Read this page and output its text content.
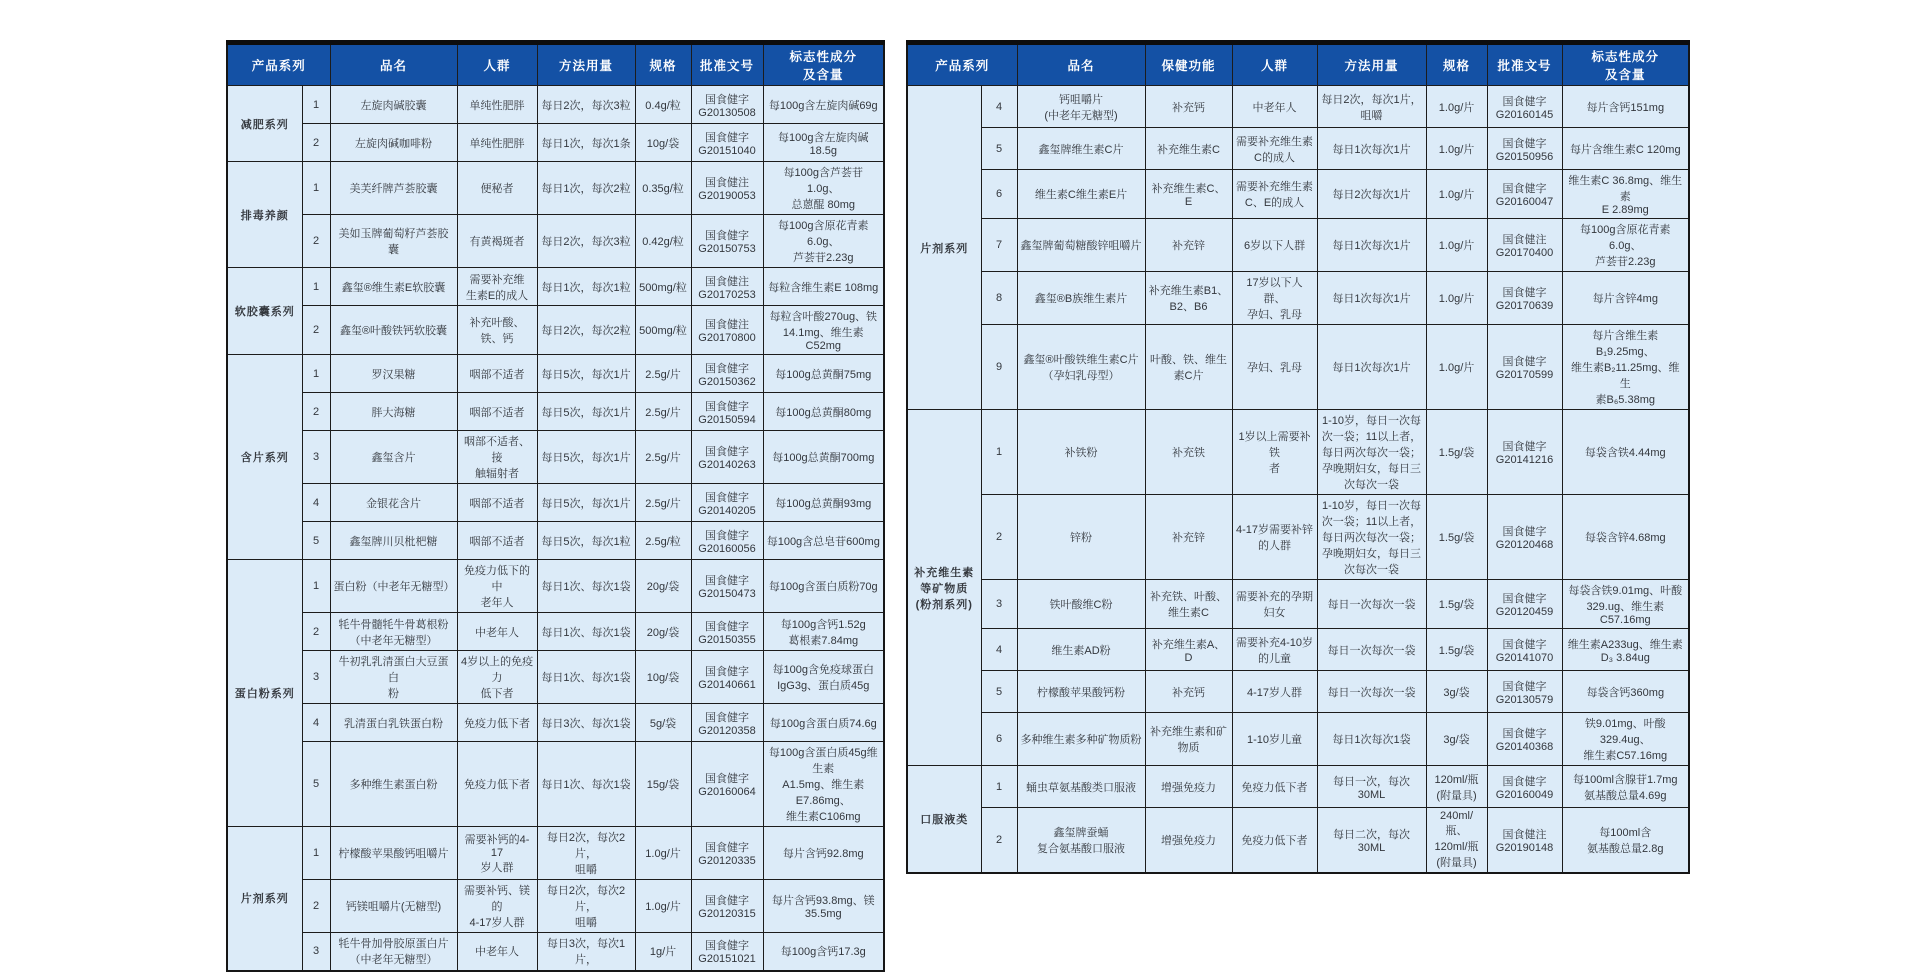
产品系列		品名	人群	方法用量	规格	批准文号	标志性成分
及含量
减肥系列	1	左旋肉碱胶囊	单纯性肥胖	每日2次，每次3粒	0.4g/粒	国食健字
G20130508	每100g含左旋肉碱69g
	2	左旋肉碱咖啡粉	单纯性肥胖	每日1次，每次1条	10g/袋	国食健字
G20151040	每100g含左旋肉碱18.5g
排毒养颜	1	美芙纤牌芦荟胶囊	便秘者	每日1次，每次2粒	0.35g/粒	国食健注
G20190053	每100g含芦荟苷 1.0g、
总蒽醌 80mg
	2	美如玉牌葡萄籽芦荟胶囊	有黄褐斑者	每日2次，每次3粒	0.42g/粒	国食健字
G20150753	每100g含原花青素6.0g、
芦荟苷2.23g
软胶囊系列	1	鑫玺®维生素E软胶囊	需要补充维
生素E的成人	每日1次，每次1粒	500mg/粒	国食健注
G20170253	每粒含维生素E 108mg
	2	鑫玺®叶酸铁钙软胶囊	补充叶酸、
铁、钙	每日2次，每次2粒	500mg/粒	国食健注
G20170800	每粒含叶酸270ug、铁
14.1mg、维生素C52mg
含片系列	1	罗汉果糖	咽部不适者	每日5次，每次1片	2.5g/片	国食健字
G20150362	每100g总黄酮75mg
	2	胖大海糖	咽部不适者	每日5次，每次1片	2.5g/片	国食健字
G20150594	每100g总黄酮80mg
	3	鑫玺含片	咽部不适者、接
触辐射者	每日5次，每次1片	2.5g/片	国食健字
G20140263	每100g总黄酮700mg
	4	金银花含片	咽部不适者	每日5次，每次1片	2.5g/片	国食健字
G20140205	每100g总黄酮93mg
	5	鑫玺牌川贝枇杷糖	咽部不适者	每日5次，每次1粒	2.5g/粒	国食健字
G20160056	每100g含总皂苷600mg
蛋白粉系列	1	蛋白粉（中老年无糖型）	免疫力低下的中
老年人	每日1次、每次1袋	20g/袋	国食健字
G20150473	每100g含蛋白质粉70g
	2	牦牛骨髓牦牛骨葛根粉
（中老年无糖型）	中老年人	每日1次、每次1袋	20g/袋	国食健字
G20150355	每100g含钙1.52g
葛根素7.84mg
	3	牛初乳乳清蛋白大豆蛋白
粉	4岁以上的免疫力
低下者	每日1次、每次1袋	10g/袋	国食健字
G20140661	每100g含免疫球蛋白
IgG3g、蛋白质45g
	4	乳清蛋白乳铁蛋白粉	免疫力低下者	每日3次、每次1袋	5g/袋	国食健字
G20120358	每100g含蛋白质74.6g
	5	多种维生素蛋白粉	免疫力低下者	每日1次、每次1袋	15g/袋	国食健字
G20160064	每100g含蛋白质45g维生素
A1.5mg、维生素E7.86mg、
维生素C106mg
片剂系列	1	柠檬酸苹果酸钙咀嚼片	需要补钙的4-17
岁人群	每日2次，每次2片，
咀嚼	1.0g/片	国食健字
G20120335	每片含钙92.8mg
	2	钙镁咀嚼片(无糖型)	需要补钙、镁的
4-17岁人群	每日2次，每次2片，
咀嚼	1.0g/片	国食健字
G20120315	每片含钙93.8mg、镁
35.5mg
	3	牦牛骨加骨胶原蛋白片
（中老年无糖型）	中老年人	每日3次，每次1片，	1g/片	国食健字
G20151021	每100g含钙17.3g
产品系列		品名	保健功能	人群	方法用量	规格	批准文号	标志性成分
及含量
片剂系列	4	钙咀嚼片
(中老年无糖型)	补充钙	中老年人	每日2次，每次1片，
咀嚼	1.0g/片	国食健字
G20160145	每片含钙151mg
	5	鑫玺牌维生素C片	补充维生素C	需要补充维生素
C的成人	每日1次每次1片	1.0g/片	国食健字
G20150956	每片含维生素C 120mg
	6	维生素C维生素E片	补充维生素C、E	需要补充维生素
C、E的成人	每日2次每次1片	1.0g/片	国食健字
G20160047	维生素C 36.8mg、维生素
E 2.89mg
	7	鑫玺牌葡萄糖酸锌咀嚼片	补充锌	6岁以下人群	每日1次每次1片	1.0g/片	国食健注
G20170400	每100g含原花青素6.0g、
芦荟苷2.23g
	8	鑫玺®B族维生素片	补充维生素B1、
B2、B6	17岁以下人群、
孕妇、乳母	每日1次每次1片	1.0g/片	国食健字
G20170639	每片含锌4mg
	9	鑫玺®叶酸铁维生素C片
（孕妇乳母型）	叶酸、铁、维生
素C片	孕妇、乳母	每日1次每次1片	1.0g/片	国食健字
G20170599	每片含维生素B₁9.25mg、
维生素B₂11.25mg、维生
素B₆5.38mg
补充维生素
等矿物质
(粉剂系列)	1	补铁粉	补充铁	1岁以上需要补铁
者	1-10岁，每日一次每
次一袋；11以上者，
每日两次每次一袋；
孕晚期妇女，每日三
次每次一袋	1.5g/袋	国食健字
G20141216	每袋含铁4.44mg
	2	锌粉	补充锌	4-17岁需要补锌
的人群	1-10岁，每日一次每
次一袋；11以上者，
每日两次每次一袋；
孕晚期妇女，每日三
次每次一袋	1.5g/袋	国食健字
G20120468	每袋含锌4.68mg
	3	铁叶酸维C粉	补充铁、叶酸、
维生素C	需要补充的孕期
妇女	每日一次每次一袋	1.5g/袋	国食健字
G20120459	每袋含铁9.01mg、叶酸
329.ug、维生素
C57.16mg
	4	维生素AD粉	补充维生素A、D	需要补充4-10岁
的儿童	每日一次每次一袋	1.5g/袋	国食健字
G20141070	维生素A233ug、维生素
D₃ 3.84ug
	5	柠檬酸苹果酸钙粉	补充钙	4-17岁人群	每日一次每次一袋	3g/袋	国食健字
G20130579	每袋含钙360mg
	6	多种维生素多种矿物质粉	补充维生素和矿
物质	1-10岁儿童	每日1次每次1袋	3g/袋	国食健字
G20140368	铁9.01mg、叶酸329.4ug、
维生素C57.16mg
口服液类	1	蛹虫草氨基酸类口服液	增强免疫力	免疫力低下者	每日一次，每次
30ML	120ml/瓶
(附量具)	国食健字
G20160049	每100ml含腺苷1.7mg
氨基酸总量4.69g
	2	鑫玺牌蚕蛹
复合氨基酸口服液	增强免疫力	免疫力低下者	每日二次，每次
30ML	240ml/瓶、
120ml/瓶
(附量具)	国食健注
G20190148	每100ml含
氨基酸总量2.8g
